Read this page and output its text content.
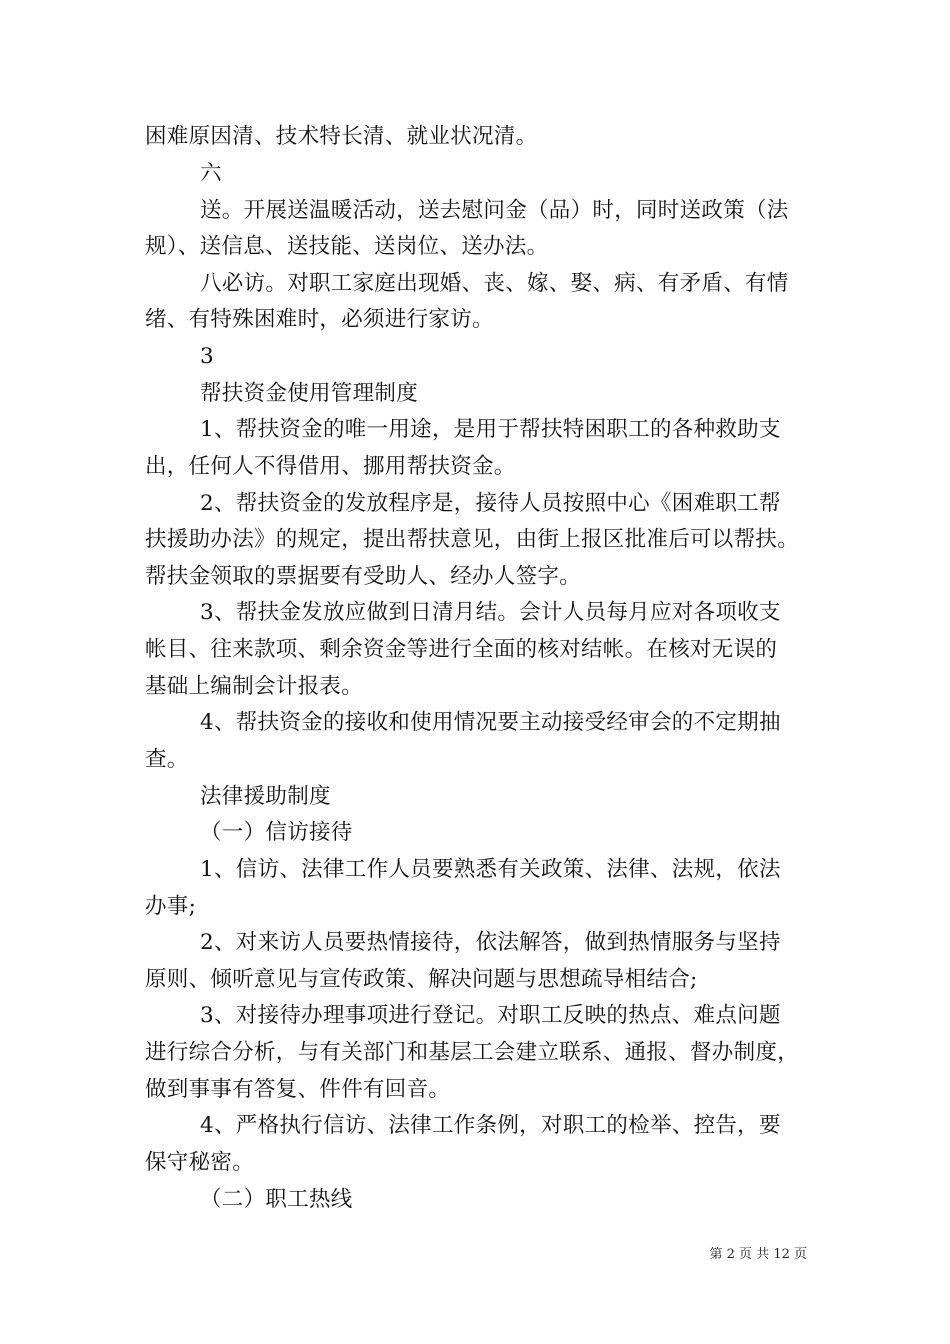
困难原因清、技术特长清、就业状况清。
六
送。开展送温暖活动，送去慰问金（品）时，同时送政策（法
规）、送信息、送技能、送岗位、送办法。
八必访。对职工家庭出现婚、丧、嫁、娶、病、有矛盾、有情
绪、有特殊困难时，必须进行家访。
3
帮扶资金使用管理制度
1、帮扶资金的唯一用途，是用于帮扶特困职工的各种救助支
出，任何人不得借用、挪用帮扶资金。
2、帮扶资金的发放程序是，接待人员按照中心《困难职工帮
扶援助办法》的规定，提出帮扶意见，由街上报区批准后可以帮扶。
帮扶金领取的票据要有受助人、经办人签字。
3、帮扶金发放应做到日清月结。会计人员每月应对各项收支
帐目、往来款项、剩余资金等进行全面的核对结帐。在核对无误的
基础上编制会计报表。
4、帮扶资金的接收和使用情况要主动接受经审会的不定期抽
查。
法律援助制度
（一）信访接待
1、信访、法律工作人员要熟悉有关政策、法律、法规，依法
办事;
2、对来访人员要热情接待，依法解答，做到热情服务与坚持
原则、倾听意见与宣传政策、解决问题与思想疏导相结合;
3、对接待办理事项进行登记。对职工反映的热点、难点问题
进行综合分析，与有关部门和基层工会建立联系、通报、督办制度，
做到事事有答复、件件有回音。
4、严格执行信访、法律工作条例，对职工的检举、控告，要
保守秘密。
（二）职工热线
第 2 页 共 12 页
